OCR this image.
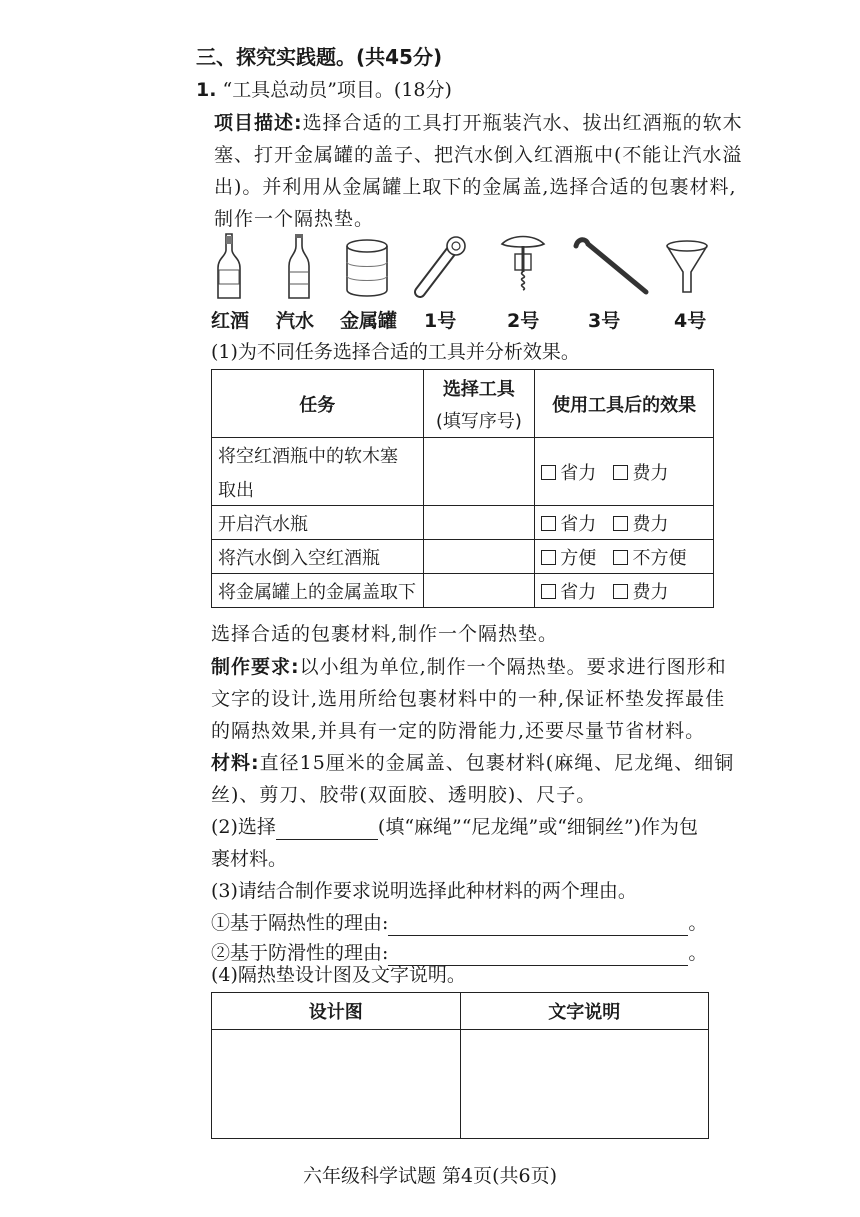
三、探究实践题。(共45分)
1. “工具总动员”项目。(18分)
项目描述:选择合适的工具打开瓶装汽水、拔出红酒瓶的软木
塞、打开金属罐的盖子、把汽水倒入红酒瓶中(不能让汽水溢
出)。并利用从金属罐上取下的金属盖,选择合适的包裹材料,
制作一个隔热垫。
红酒 汽水 金属罐 1号	2号	3号	4号
(1)为不同任务选择合适的工具并分析效果。
任务	选择工具
(填写序号)	使用工具后的效果

将空红酒瓶中的软木塞
取出		省力 费力
开启汽水瓶		省力 费力
将汽水倒入空红酒瓶		方便 不方便
将金属罐上的金属盖取下		省力 费力
选择合适的包裹材料,制作一个隔热垫。
制作要求:以小组为单位,制作一个隔热垫。要求进行图形和
文字的设计,选用所给包裹材料中的一种,保证杯垫发挥最佳
的隔热效果,并具有一定的防滑能力,还要尽量节省材料。
材料:直径15厘米的金属盖、包裹材料(麻绳、尼龙绳、细铜
丝)、剪刀、胶带(双面胶、透明胶)、尺子。
(2)选择	(填“麻绳”“尼龙绳”或“细铜丝”)作为包
裹材料。
(3)请结合制作要求说明选择此种材料的两个理由。
①基于隔热性的理由:	。
②基于防滑性的理由:	。
(4)隔热垫设计图及文字说明。
设计图	文字说明

六年级科学试题 第4页(共6页)
